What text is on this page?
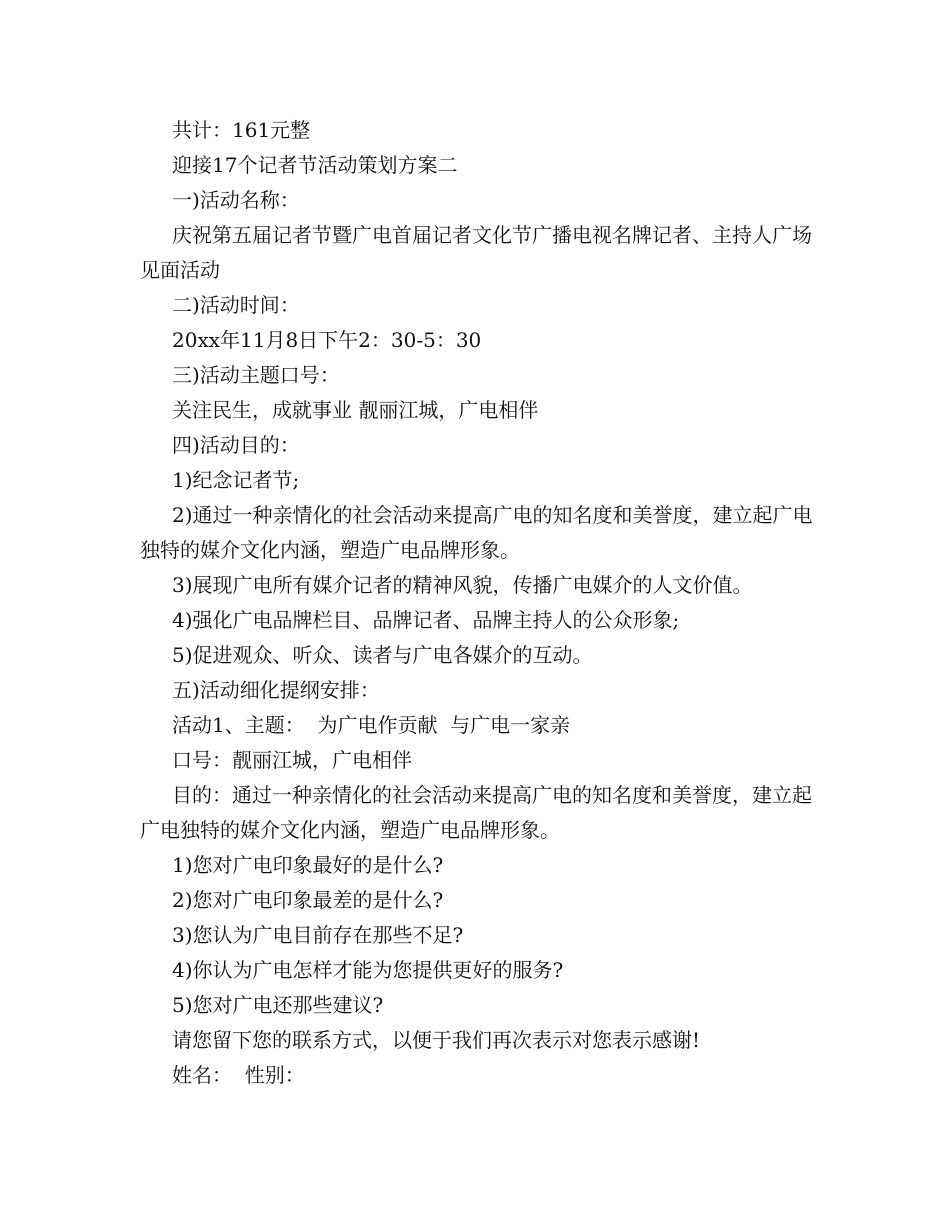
共计：161元整

迎接17个记者节活动策划方案二

一)活动名称：

庆祝第五届记者节暨广电首届记者文化节广播电视名牌记者、主持人广场见面活动

二)活动时间：

20xx年11月8日下午2：30-5：30

三)活动主题口号：

关注民生，成就事业 靓丽江城，广电相伴

四)活动目的：

1)纪念记者节;

2)通过一种亲情化的社会活动来提高广电的知名度和美誉度，建立起广电独特的媒介文化内涵，塑造广电品牌形象。

3)展现广电所有媒介记者的精神风貌，传播广电媒介的人文价值。

4)强化广电品牌栏目、品牌记者、品牌主持人的公众形象;

5)促进观众、听众、读者与广电各媒介的互动。

五)活动细化提纲安排：

活动1、主题：  为广电作贡献  与广电一家亲

口号：靓丽江城，广电相伴

目的：通过一种亲情化的社会活动来提高广电的知名度和美誉度，建立起广电独特的媒介文化内涵，塑造广电品牌形象。

1)您对广电印象最好的是什么?

2)您对广电印象最差的是什么?

3)您认为广电目前存在那些不足?

4)你认为广电怎样才能为您提供更好的服务?

5)您对广电还那些建议?

请您留下您的联系方式，以便于我们再次表示对您表示感谢!

姓名：  性别：
